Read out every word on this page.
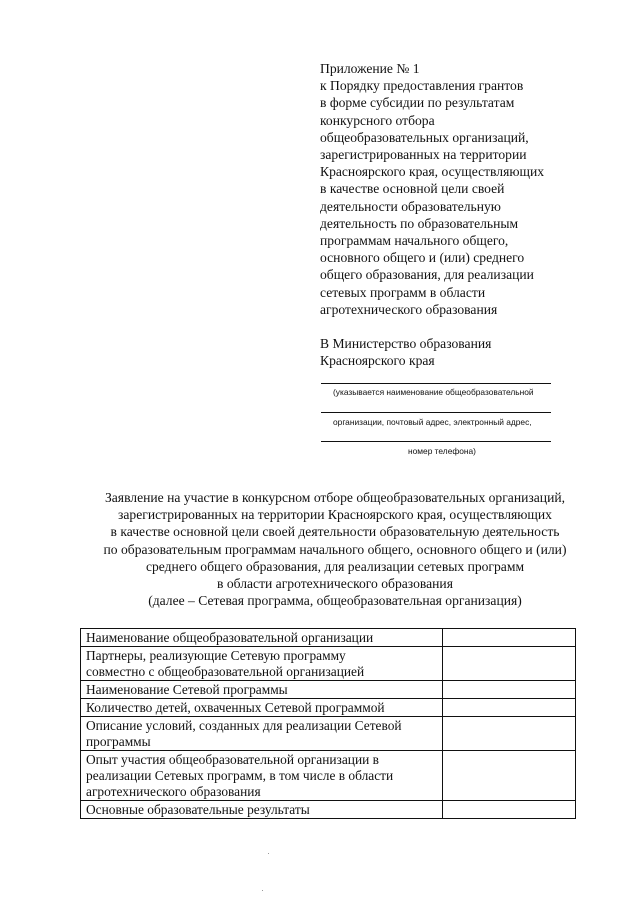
Приложение № 1
к Порядку предоставления грантов
в форме субсидии по результатам
конкурсного отбора
общеобразовательных организаций,
зарегистрированных на территории
Красноярского края, осуществляющих
в качестве основной цели своей
деятельности образовательную
деятельность по образовательным
программам начального общего,
основного общего и (или) среднего
общего образования, для реализации
сетевых программ в области
агротехнического образования
В Министерство образования
Красноярского края
(указывается наименование общеобразовательной
организации, почтовый адрес, электронный адрес,
номер телефона)
Заявление на участие в конкурсном отборе общеобразовательных организаций,
зарегистрированных на территории Красноярского края, осуществляющих
в качестве основной цели своей деятельности образовательную деятельность
по образовательным программам начального общего, основного общего и (или)
среднего общего образования, для реализации сетевых программ
в области агротехнического образования
(далее – Сетевая программа, общеобразовательная организация)
Наименование общеобразовательной организации	

Партнеры, реализующие Сетевую программу
совместно с общеобразовательной организацией	

Наименование Сетевой программы	

Количество детей, охваченных Сетевой программой	

Описание условий, созданных для реализации Сетевой
программы	

Опыт участия общеобразовательной организации в
реализации Сетевых программ, в том числе в области
агротехнического образования	

Основные образовательные результаты	
